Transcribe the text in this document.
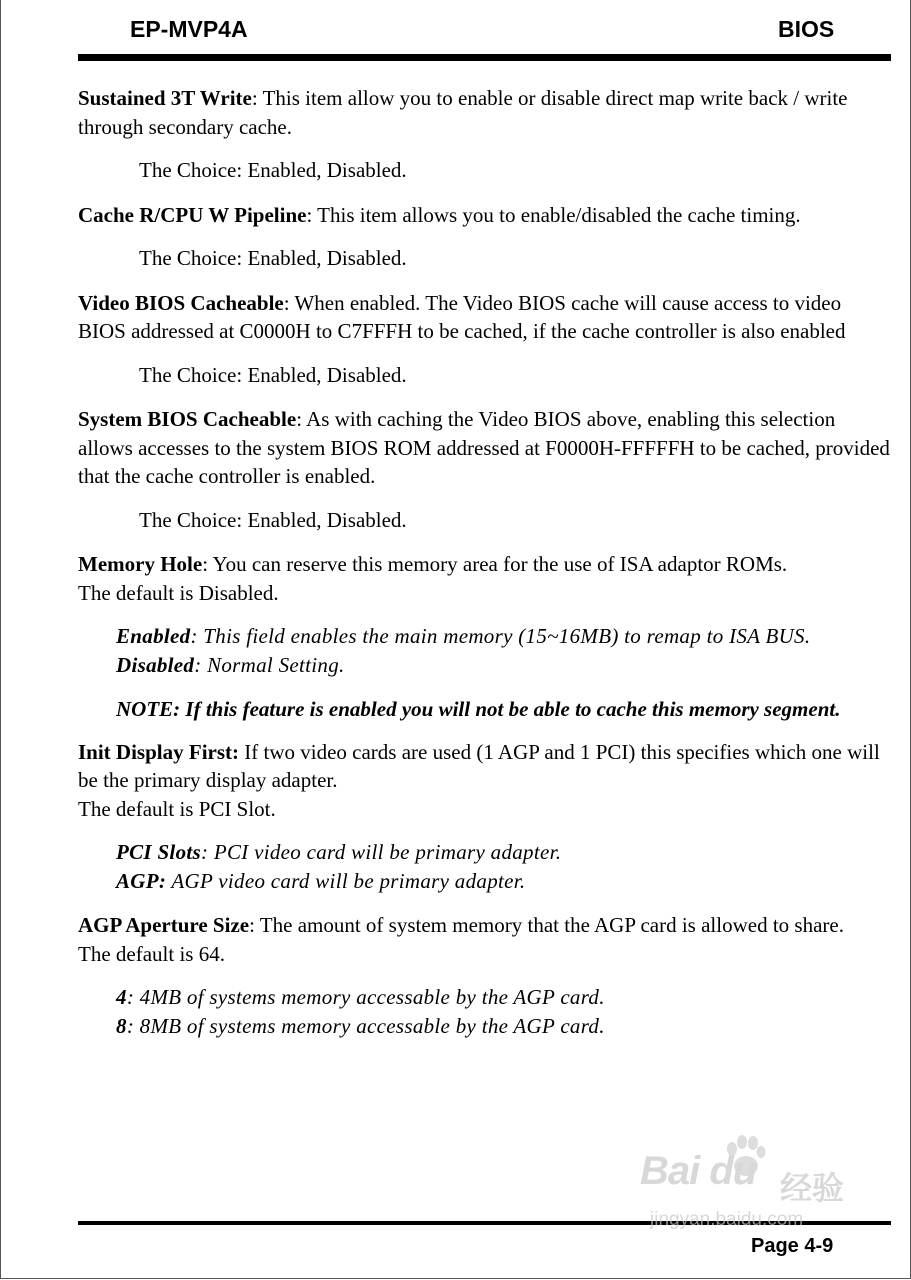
EP-MVP4A	BIOS

Sustained 3T Write: This item allow you to enable or disable direct map write back / write through secondary cache.

The Choice: Enabled, Disabled.

Cache R/CPU W Pipeline: This item allows you to enable/disabled the cache timing.

The Choice: Enabled, Disabled.

Video BIOS Cacheable: When enabled. The Video BIOS cache will cause access to video BIOS addressed at C0000H to C7FFFH to be cached, if the cache controller is also enabled

The Choice: Enabled, Disabled.

System BIOS Cacheable: As with caching the Video BIOS above, enabling this selection allows accesses to the system BIOS ROM addressed at F0000H-FFFFFH to be cached, provided that the cache controller is enabled.

The Choice: Enabled, Disabled.

Memory Hole: You can reserve this memory area for the use of ISA adaptor ROMs.

The default is Disabled.

Enabled: This field enables the main memory (15~16MB) to remap to ISA BUS.

Disabled: Normal Setting.

NOTE: If this feature is enabled you will not be able to cache this memory segment.

Init Display First: If two video cards are used (1 AGP and 1 PCI) this specifies which one will be the primary display adapter.

The default is PCI Slot.

PCI Slots: PCI video card will be primary adapter.

AGP: AGP video card will be primary adapter.

AGP Aperture Size: The amount of system memory that the AGP card is allowed to share.

The default is 64.

4: 4MB of systems memory accessable by the AGP card.

8: 8MB of systems memory accessable by the AGP card.

Page 4-9
Bai du 经验
jingyan.baidu.com
